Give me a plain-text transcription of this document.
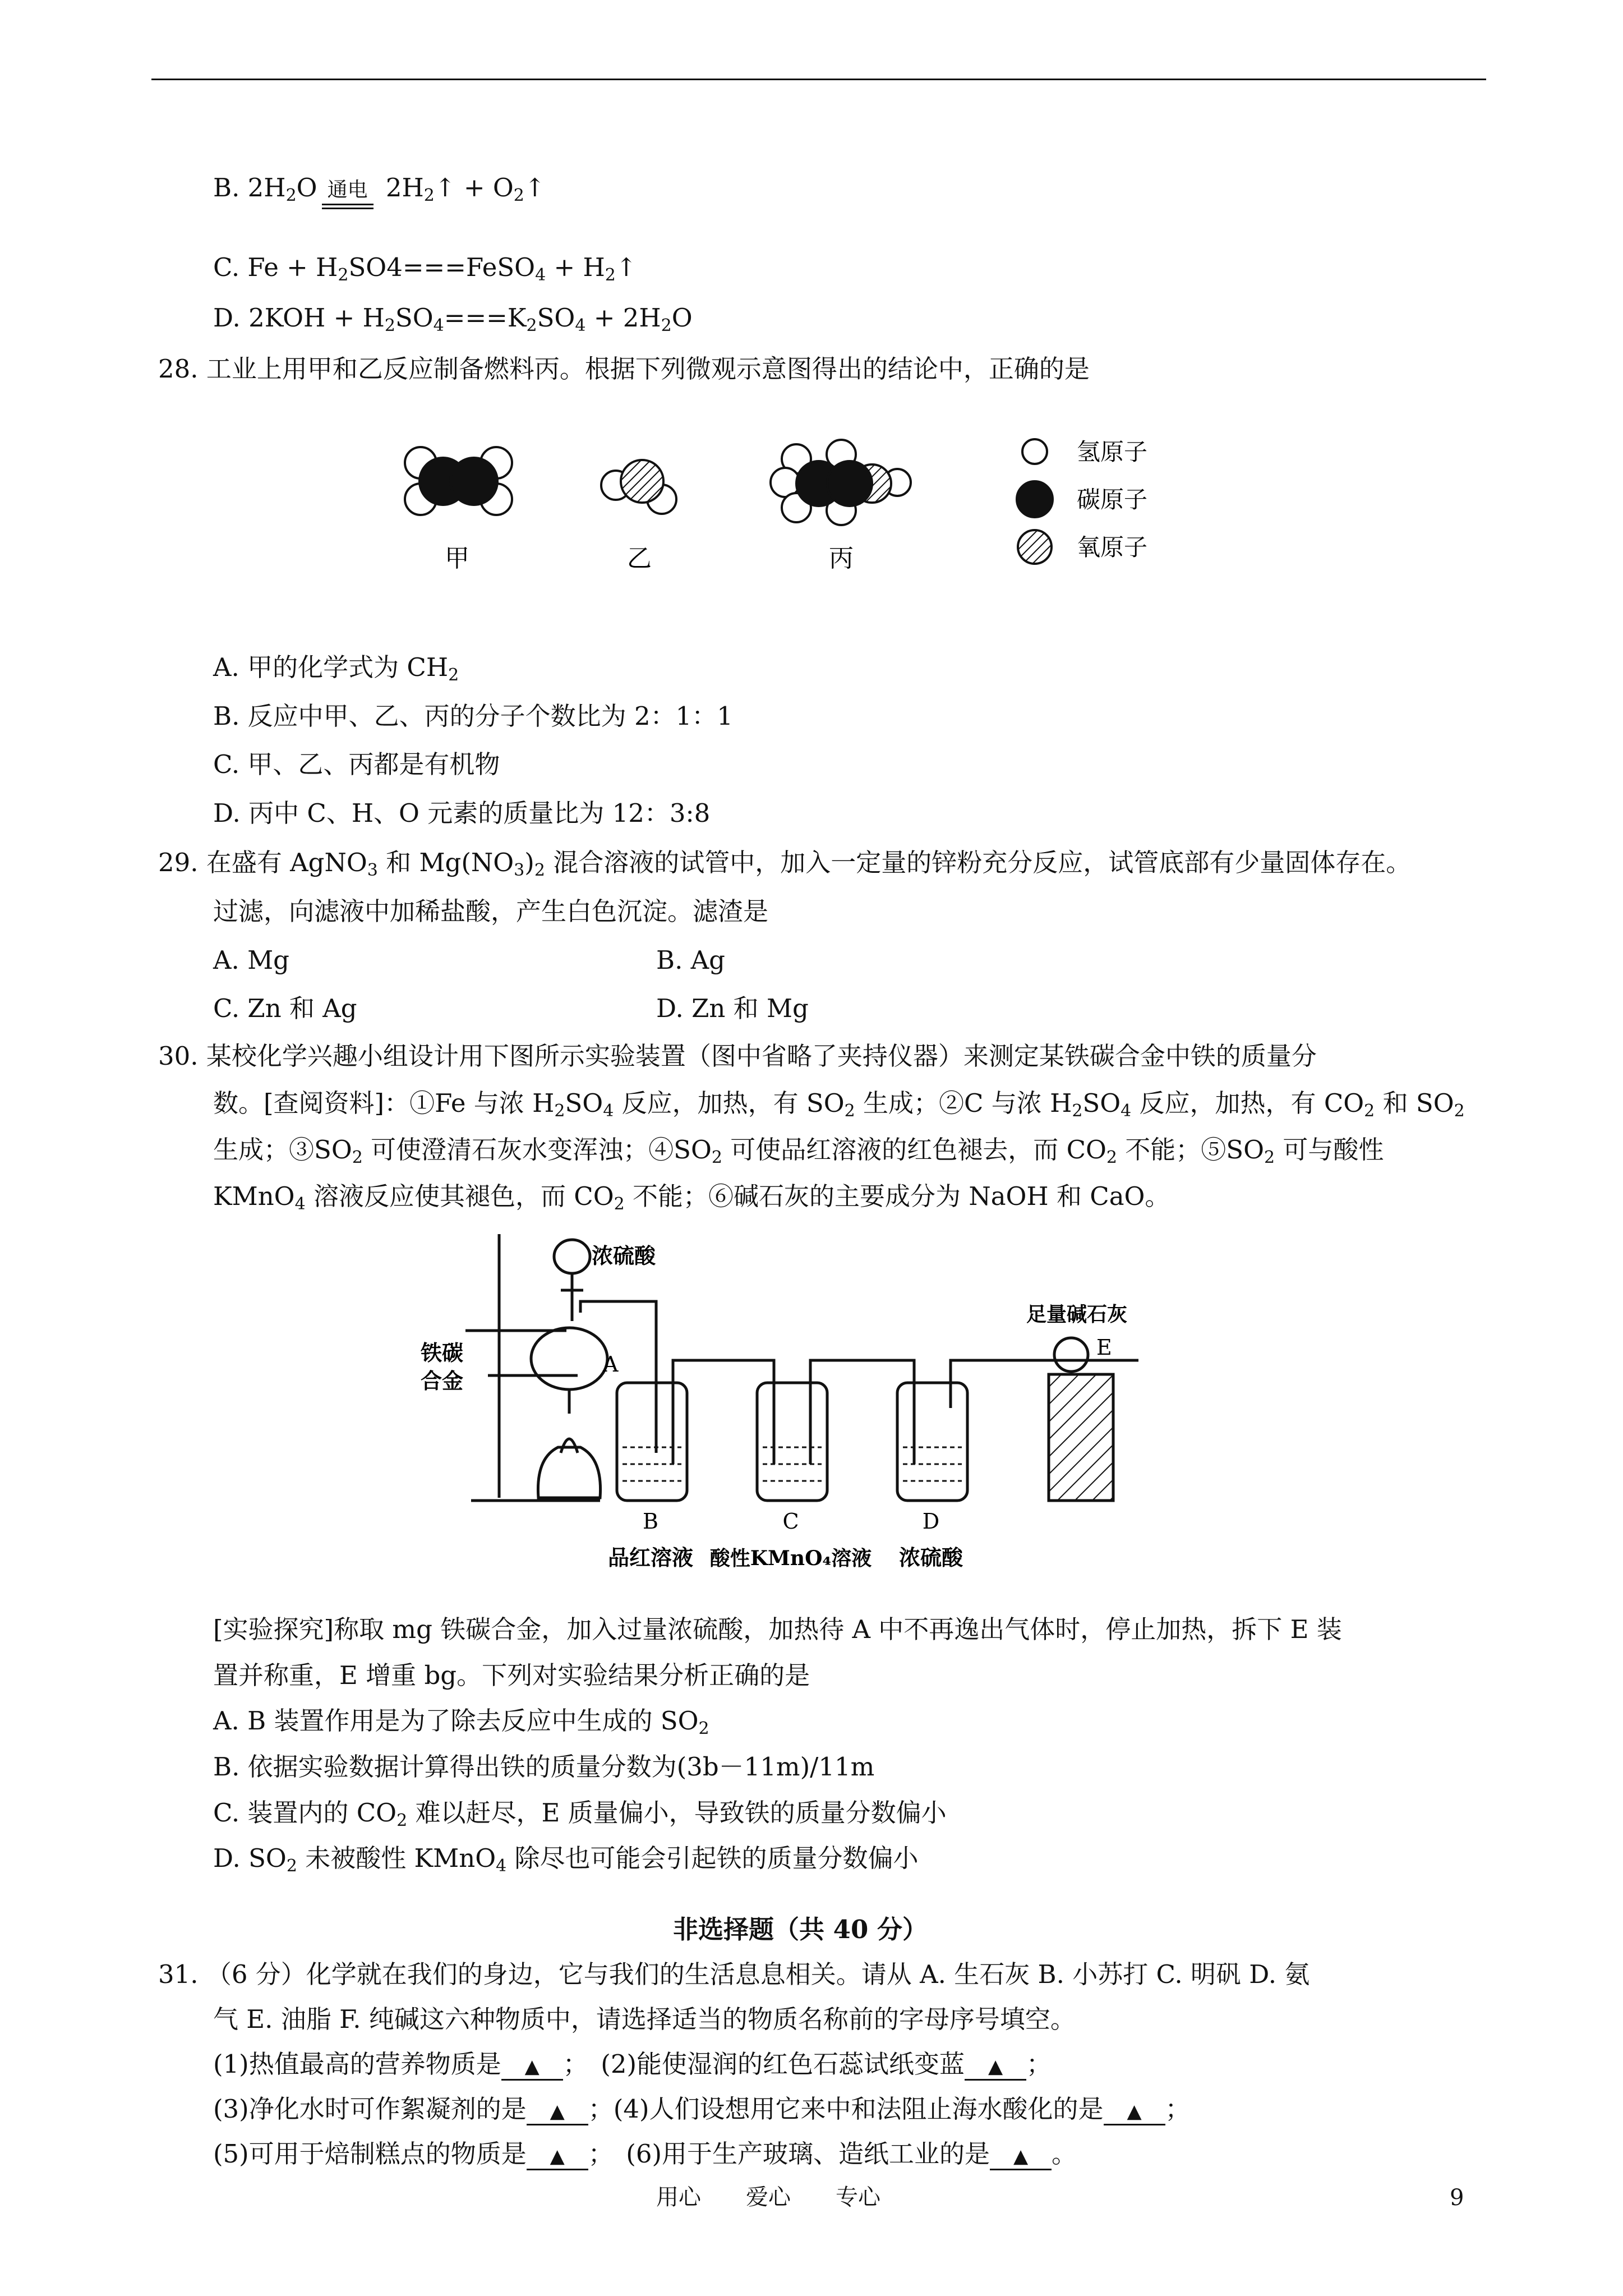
B. $2H_2O$ 通电 $2H_2↑$ + $O_2↑$
C. $Fe + H_2SO4===FeSO_4$ + $H_2↑$
D. $2KOH + H_2SO_4===K_2SO_4 + 2H_2O$
28. 工业上用甲和乙反应制备燃料丙。根据下列微观示意图得出的结论中，正确的是
甲	乙	丙
氢原子
碳原子
氧原子
A. 甲的化学式为 $CH_2$
B. 反应中甲、乙、丙的分子个数比为 2：1：1
C. 甲、乙、丙都是有机物
D. 丙中 C、H、O 元素的质量比为 12：3:8
29. 在盛有 AgNO$_3$ 和 $Mg(NO_3)_2$ 混合溶液的试管中，加入一定量的锌粉充分反应，试管底部有少量固体存在。
过滤，向滤液中加稀盐酸，产生白色沉淀。滤渣是
A. Mg	B. Ag
C. Zn 和 Ag	D. Zn 和 Mg
30. 某校化学兴趣小组设计用下图所示实验装置（图中省略了夹持仪器）来测定某铁碳合金中铁的质量分
数。[查阅资料]：①Fe 与浓 $H_2SO_4$ 反应，加热，有 $SO_2$ 生成；②C 与浓 $H_2SO_4$ 反应，加热，有 $CO_2$ 和 $SO_2$
生成；$③SO_2$ 可使澄清石灰水变浑浊；$④SO_2$ 可使品红溶液的红色褪去，而 $CO_2$ 不能；$⑤SO_2$ 可与酸性
KMnO$_4$ 溶液反应使其褪色，而 $CO_2$ 不能；⑥碱石灰的主要成分为 NaOH 和 CaO。
浓硫酸
铁碳
合金
A
足量碱石灰
E
B	C	D
品红溶液 酸性KMnO₄溶液 浓硫酸
[实验探究]称取 mg 铁碳合金，加入过量浓硫酸，加热待 A 中不再逸出气体时，停止加热，拆下 E 装
置并称重，E 增重 bg。下列对实验结果分析正确的是
A. B 装置作用是为了除去反应中生成的 $SO_2$
B. 依据实验数据计算得出铁的质量分数为(3b－11m)/11m
C. 装置内的 $CO_2$ 难以赶尽，E 质量偏小，导致铁的质量分数偏小
D. $SO_2$ 未被酸性 KMnO$_4$ 除尽也可能会引起铁的质量分数偏小
非选择题（共 40 分）
31. （6 分）化学就在我们的身边，它与我们的生活息息相关。请从 A. 生石灰 B. 小苏打 C. 明矾 D. 氨
气 E. 油脂 F. 纯碱这六种物质中，请选择适当的物质名称前的字母序号填空。
(1)热值最高的营养物质是 ▲ ；　 (2)能使湿润的红色石蕊试纸变蓝 ▲ ；
(3)净化水时可作絮凝剂的是 ▲ ；(4)人们设想用它来中和法阻止海水酸化的是 ▲ ；
(5)可用于焙制糕点的物质是 ▲ ；　 (6)用于生产玻璃、造纸工业的是 ▲ 。
用心　　爱心　　专心	9
